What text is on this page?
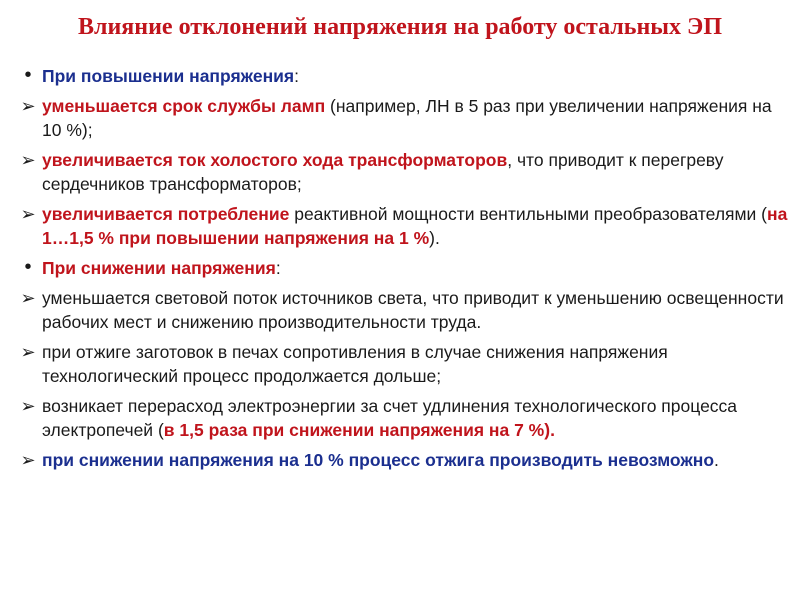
Влияние отклонений напряжения на работу остальных ЭП
• При повышении напряжения:
➢ уменьшается срок службы ламп (например, ЛН в 5 раз при увеличении напряжения на 10 %);
➢ увеличивается ток холостого хода трансформаторов, что приводит к перегреву сердечников трансформаторов;
➢ увеличивается потребление реактивной мощности вентильными преобразователями (на 1…1,5 % при повышении напряжения на 1 %).
• При снижении напряжения:
➢ уменьшается световой поток источников света, что приводит к уменьшению освещенности рабочих мест и снижению производительности труда.
➢ при отжиге заготовок в печах сопротивления в случае снижения напряжения технологический процесс продолжается дольше;
➢ возникает перерасход электроэнергии за счет удлинения технологического процесса электропечей (в 1,5 раза при снижении напряжения на 7 %).
➢ при снижении напряжения на 10 % процесс отжига производить невозможно.
